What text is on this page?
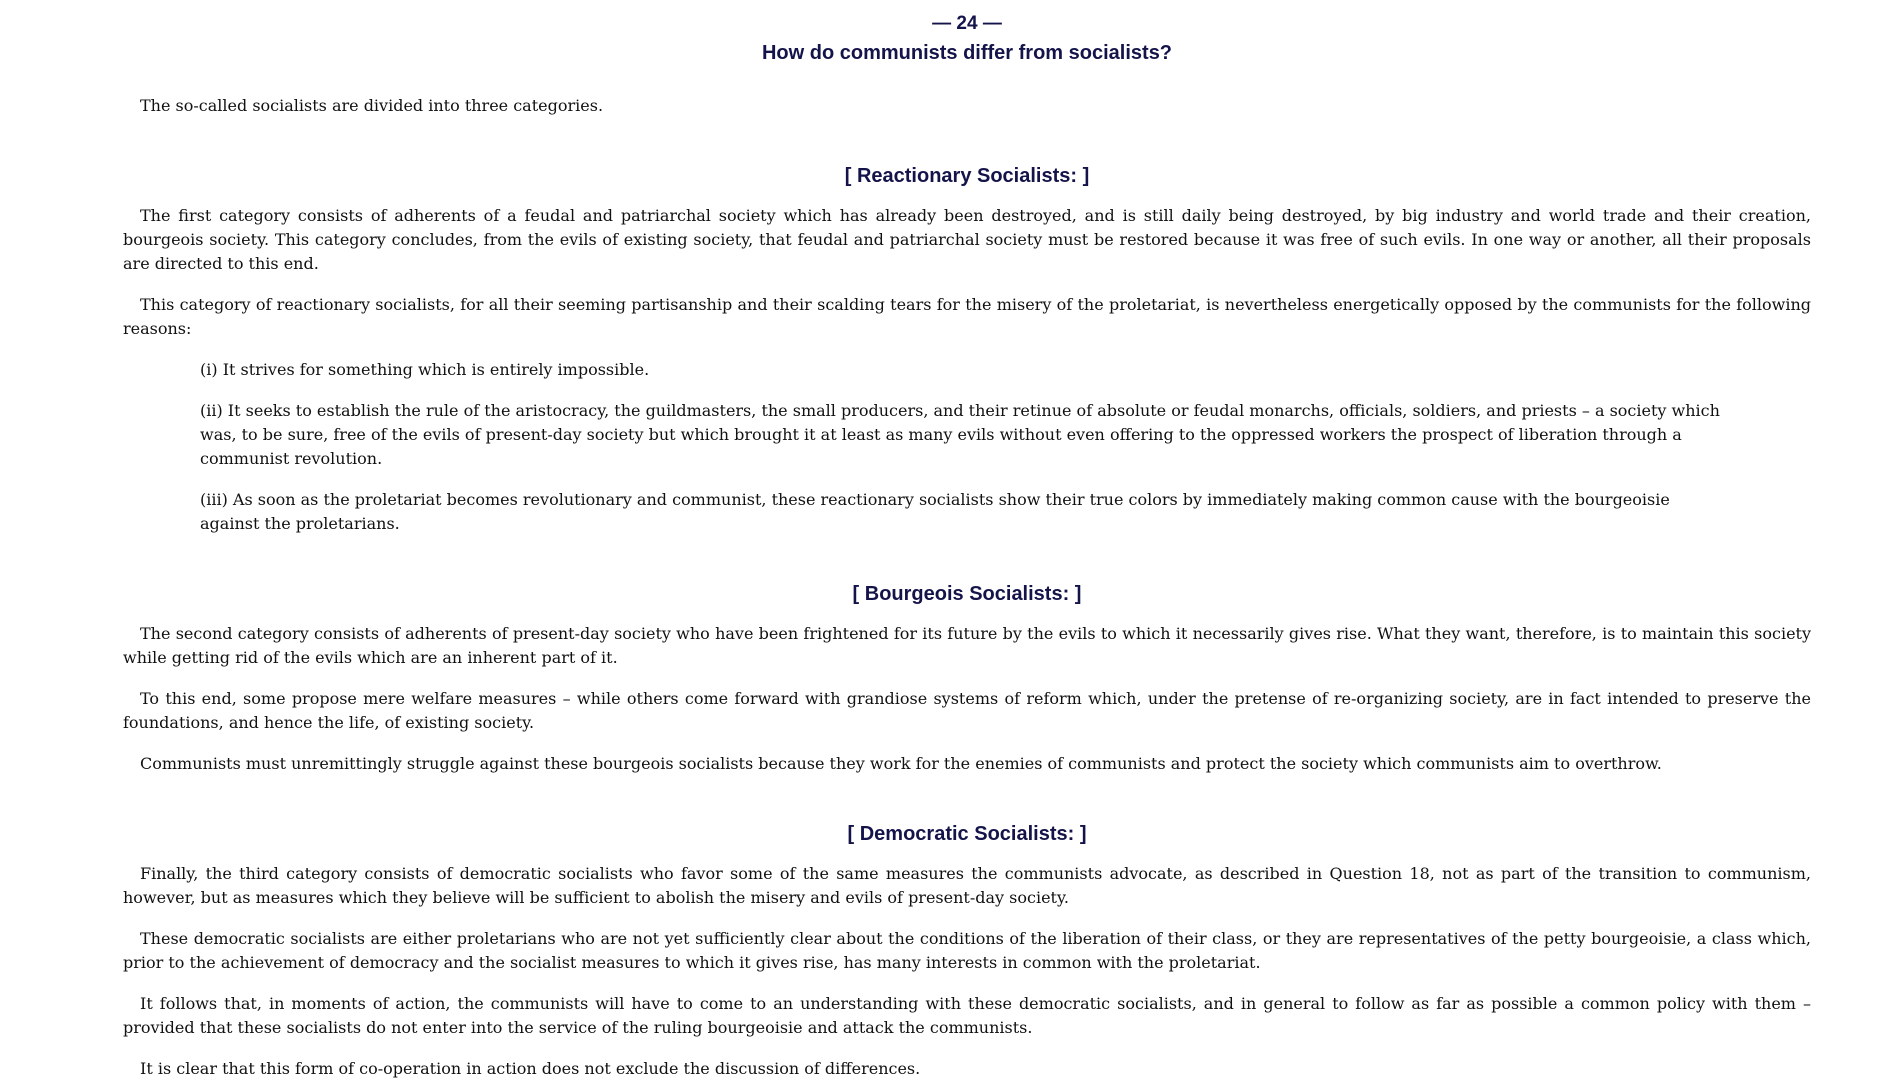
— 24 —
How do communists differ from socialists?

The so-called socialists are divided into three categories.

[ Reactionary Socialists: ]

The first category consists of adherents of a feudal and patriarchal society which has already been destroyed, and is still daily being destroyed, by big industry and world trade and their creation, bourgeois society. This category concludes, from the evils of existing society, that feudal and patriarchal society must be restored because it was free of such evils. In one way or another, all their proposals are directed to this end.

This category of reactionary socialists, for all their seeming partisanship and their scalding tears for the misery of the proletariat, is nevertheless energetically opposed by the communists for the following reasons:

(i) It strives for something which is entirely impossible.

(ii) It seeks to establish the rule of the aristocracy, the guildmasters, the small producers, and their retinue of absolute or feudal monarchs, officials, soldiers, and priests – a society which was, to be sure, free of the evils of present-day society but which brought it at least as many evils without even offering to the oppressed workers the prospect of liberation through a communist revolution.

(iii) As soon as the proletariat becomes revolutionary and communist, these reactionary socialists show their true colors by immediately making common cause with the bourgeoisie against the proletarians.

[ Bourgeois Socialists: ]

The second category consists of adherents of present-day society who have been frightened for its future by the evils to which it necessarily gives rise. What they want, therefore, is to maintain this society while getting rid of the evils which are an inherent part of it.

To this end, some propose mere welfare measures – while others come forward with grandiose systems of reform which, under the pretense of re-organizing society, are in fact intended to preserve the foundations, and hence the life, of existing society.

Communists must unremittingly struggle against these bourgeois socialists because they work for the enemies of communists and protect the society which communists aim to overthrow.

[ Democratic Socialists: ]

Finally, the third category consists of democratic socialists who favor some of the same measures the communists advocate, as described in Question 18, not as part of the transition to communism, however, but as measures which they believe will be sufficient to abolish the misery and evils of present-day society.

These democratic socialists are either proletarians who are not yet sufficiently clear about the conditions of the liberation of their class, or they are representatives of the petty bourgeoisie, a class which, prior to the achievement of democracy and the socialist measures to which it gives rise, has many interests in common with the proletariat.

It follows that, in moments of action, the communists will have to come to an understanding with these democratic socialists, and in general to follow as far as possible a common policy with them – provided that these socialists do not enter into the service of the ruling bourgeoisie and attack the communists.

It is clear that this form of co-operation in action does not exclude the discussion of differences.
